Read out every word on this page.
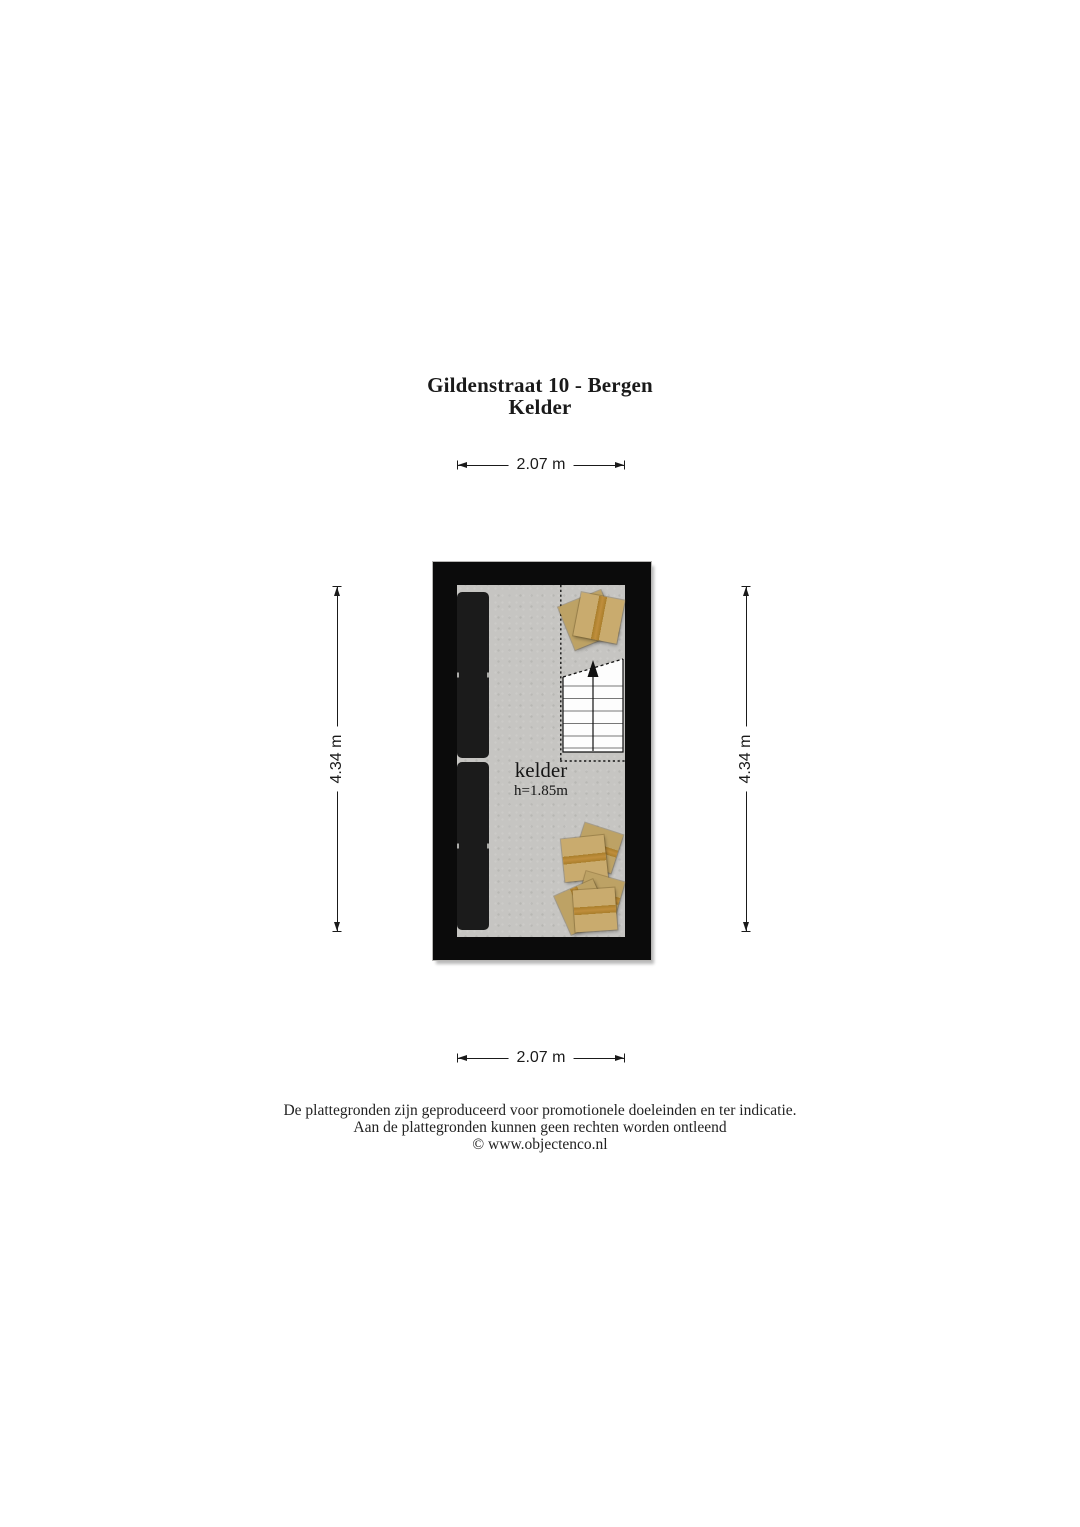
Gildenstraat 10 - Bergen
Kelder
2.07 m
4.34 m	4.34 m
kelder
h=1.85m
2.07 m
De plattegronden zijn geproduceerd voor promotionele doeleinden en ter indicatie.
Aan de plattegronden kunnen geen rechten worden ontleend
© www.objectenco.nl
